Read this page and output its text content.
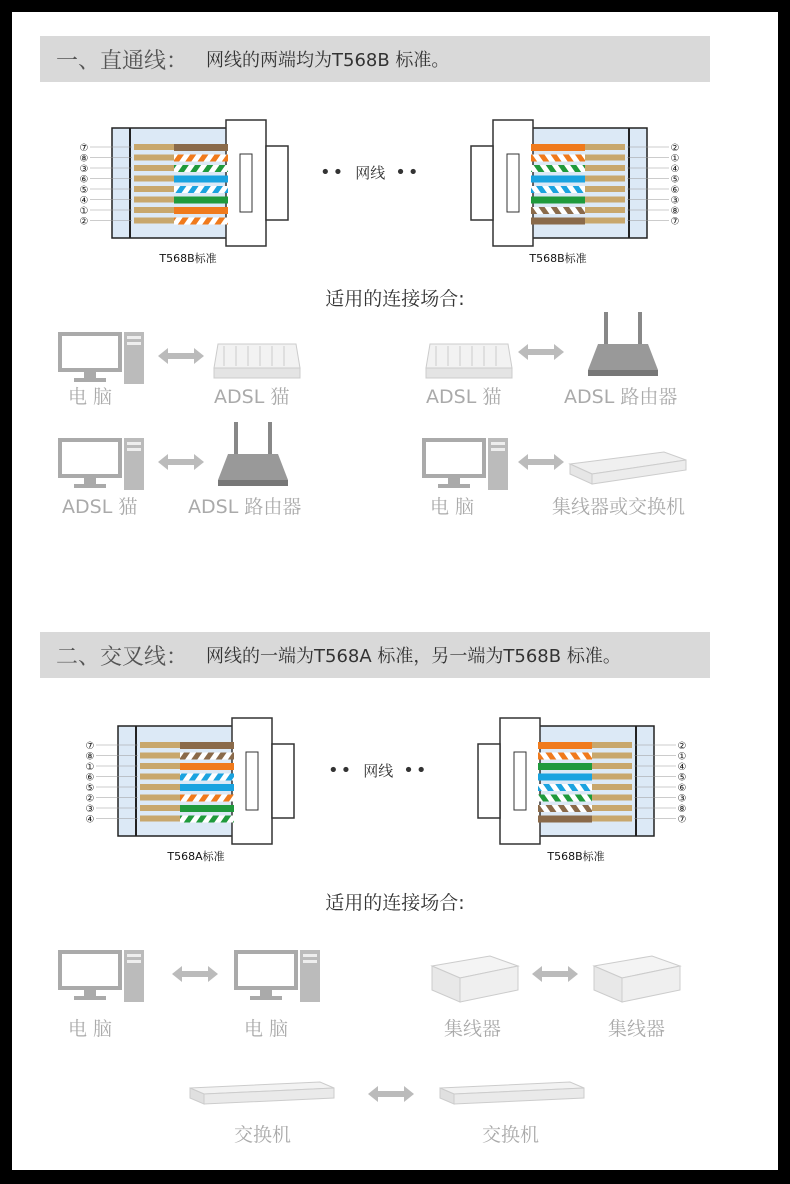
一、直通线： 网线的两端均为T568B 标准。
⑦
⑧
③
⑥
⑤
④
①
②
T568B标准
•• 网线 ••
②
①
④
⑤
⑥
③
⑧
⑦
T568B标准
适用的连接场合:
电 脑	ADSL 猫	ADSL 猫	ADSL 路由器
ADSL 猫	ADSL 路由器	电 脑	集线器或交换机
二、交叉线： 网线的一端为T568A 标准，另一端为T568B 标准。
⑦
⑧
①
⑥
⑤
②
③
④
T568A标准
•• 网线 ••
②
①
④
⑤
⑥
③
⑧
⑦
T568B标准
适用的连接场合:
电 脑	电 脑	集线器	集线器
交换机	交换机
